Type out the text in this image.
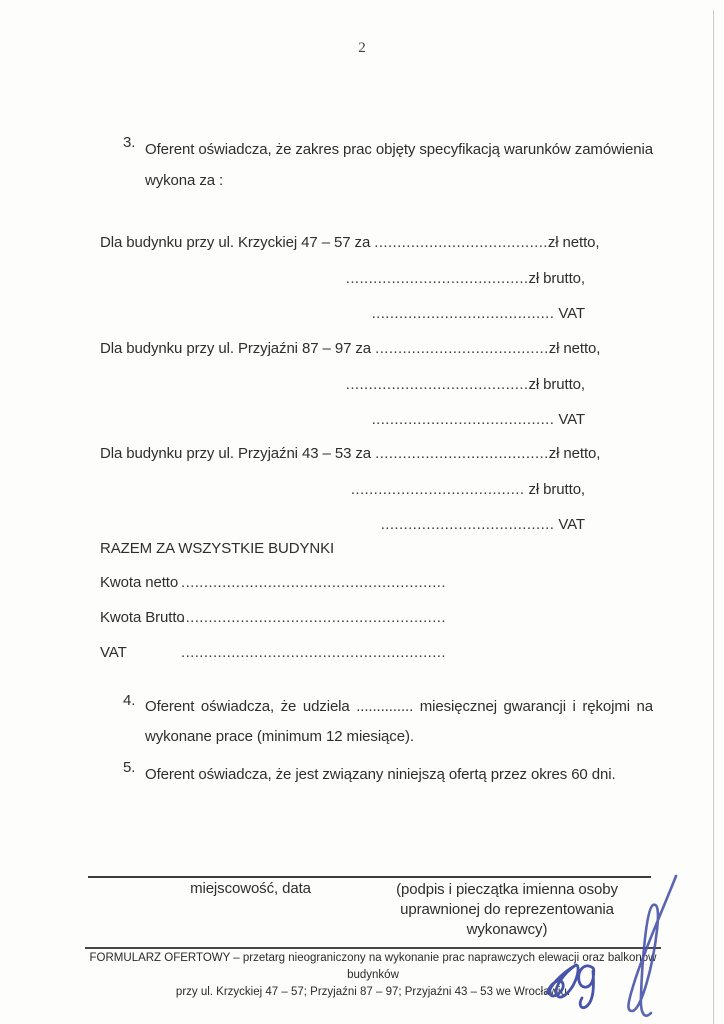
2
3. Oferent oświadcza, że zakres prac objęty specyfikacją warunków zamówienia
wykona za :
Dla budynku przy ul. Krzyckiej 47 – 57 za ......................................zł netto,
........................................zł brutto,
........................................ VAT
Dla budynku przy ul. Przyjaźni 87 – 97 za ......................................zł netto,
........................................zł brutto,
........................................ VAT
Dla budynku przy ul. Przyjaźni 43 – 53 za ......................................zł netto,
...................................... zł brutto,
...................................... VAT
RAZEM ZA WSZYSTKIE BUDYNKI
Kwota netto ..........................................................
Kwota Brutto..........................................................
VAT	..........................................................
4. Oferent oświadcza, że udziela .............. miesięcznej gwarancji i rękojmi na
wykonane prace (minimum 12 miesiące).
5. Oferent oświadcza, że jest związany niniejszą ofertą przez okres 60 dni.
miejscowość, data	(podpis i pieczątka imienna osoby
uprawnionej do reprezentowania
wykonawcy)
FORMULARZ OFERTOWY – przetarg nieograniczony na wykonanie prac naprawczych elewacji oraz balkonów budynków
przy ul. Krzyckiej 47 – 57; Przyjaźni 87 – 97; Przyjaźni 43 – 53 we Wrocławiu.
